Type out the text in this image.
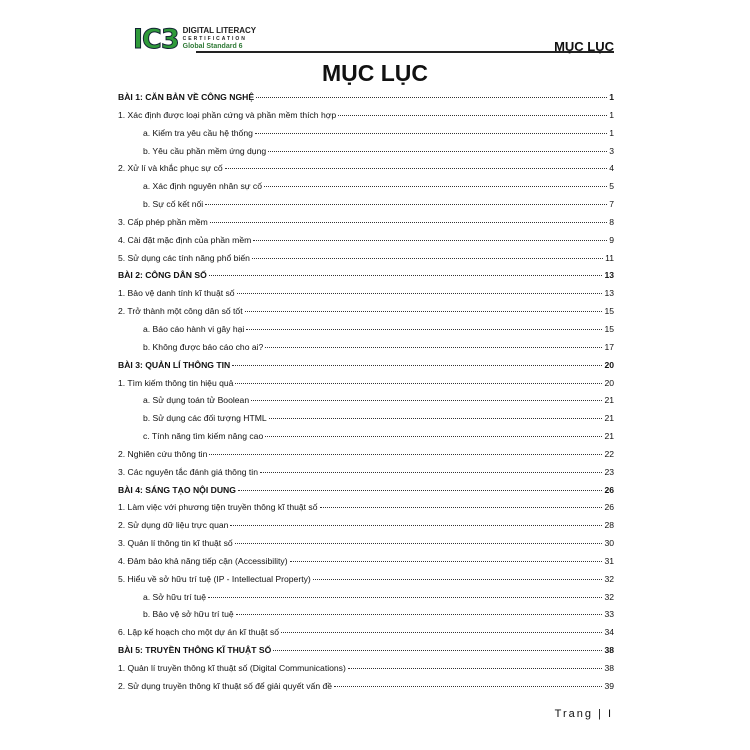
IC3 DIGITAL LITERACY
CERTIFICATION
Global Standard 6	MỤC LỤC
MỤC LỤC
BÀI 1: CĂN BẢN VỀ CÔNG NGHỆ	1
1. Xác định được loại phần cứng và phần mềm thích hợp	1
a. Kiểm tra yêu cầu hệ thống	1
b. Yêu cầu phần mềm ứng dụng	3
2. Xử lí và khắc phục sự cố	4
a. Xác định nguyên nhân sự cố	5
b. Sự cố kết nối	7
3. Cấp phép phần mềm	8
4. Cài đặt mặc định của phần mềm	9
5. Sử dụng các tính năng phổ biến	11
BÀI 2: CÔNG DÂN SỐ	13
1. Bảo vệ danh tính kĩ thuật số	13
2. Trở thành một công dân số tốt	15
a. Báo cáo hành vi gây hại	15
b. Không được báo cáo cho ai?	17
BÀI 3: QUẢN LÍ THÔNG TIN	20
1. Tìm kiếm thông tin hiệu quả	20
a. Sử dụng toán tử Boolean	21
b. Sử dụng các đối tượng HTML	21
c. Tính năng tìm kiếm nâng cao	21
2. Nghiên cứu thông tin	22
3. Các nguyên tắc đánh giá thông tin	23
BÀI 4: SÁNG TẠO NỘI DUNG	26
1. Làm việc với phương tiện truyền thông kĩ thuật số	26
2. Sử dụng dữ liệu trực quan	28
3. Quản lí thông tin kĩ thuật số	30
4. Đảm bảo khả năng tiếp cận (Accessibility)	31
5. Hiểu về sở hữu trí tuệ (IP - Intellectual Property)	32
a. Sở hữu trí tuệ	32
b. Bảo vệ sở hữu trí tuệ	33
6. Lập kế hoạch cho một dự án kĩ thuật số	34
BÀI 5: TRUYỀN THÔNG KĨ THUẬT SỐ	38
1. Quản lí truyền thông kĩ thuật số (Digital Communications)	38
2. Sử dụng truyền thông kĩ thuật số để giải quyết vấn đề	39
Trang | I
